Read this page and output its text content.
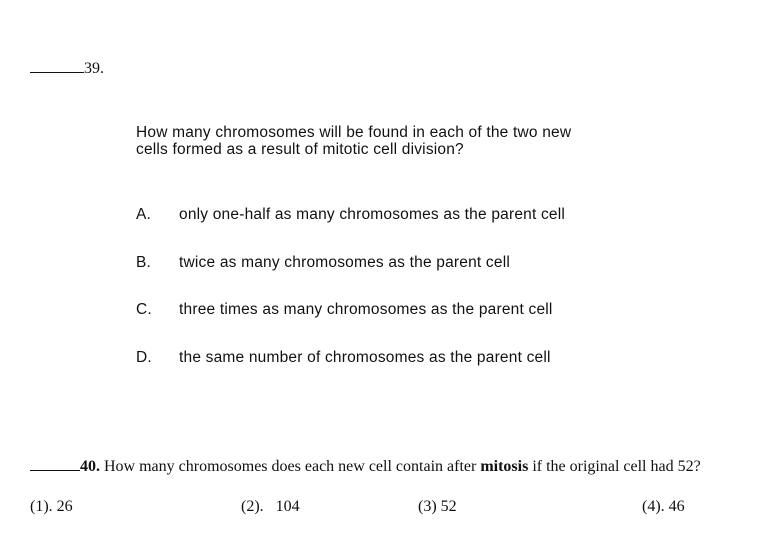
39.
How many chromosomes will be found in each of the two new cells formed as a result of mitotic cell division?
A.	only one-half as many chromosomes as the parent cell
B.	twice as many chromosomes as the parent cell
C.	three times as many chromosomes as the parent cell
D.	the same number of chromosomes as the parent cell
40. How many chromosomes does each new cell contain after mitosis if the original cell had 52?
(1). 26	(2).   104	(3) 52	(4). 46
